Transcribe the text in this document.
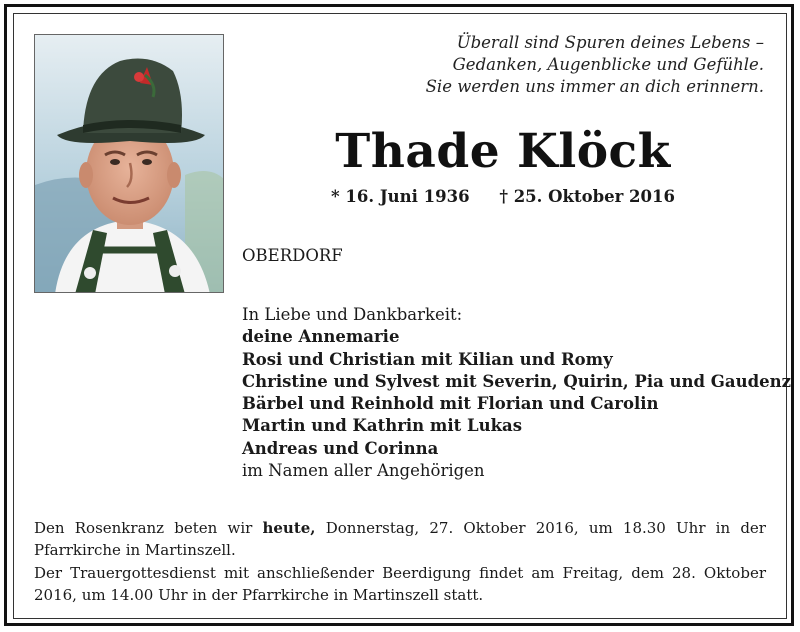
Überall sind Spuren deines Lebens –
Gedanken, Augenblicke und Gefühle.
Sie werden uns immer an dich erinnern.
Thade Klöck
* 16. Juni 1936 † 25. Oktober 2016
OBERDORF
In Liebe und Dankbarkeit:
deine Annemarie
Rosi und Christian mit Kilian und Romy
Christine und Sylvest mit Severin, Quirin, Pia und Gaudenz
Bärbel und Reinhold mit Florian und Carolin
Martin und Kathrin mit Lukas
Andreas und Corinna
im Namen aller Angehörigen

Den Rosenkranz beten wir heute, Donnerstag, 27. Oktober 2016, um 18.30 Uhr in der Pfarrkirche in Martinszell.

Der Trauergottesdienst mit anschließender Beerdigung findet am Freitag, dem 28. Oktober 2016, um 14.00 Uhr in der Pfarrkirche in Martinszell statt.
